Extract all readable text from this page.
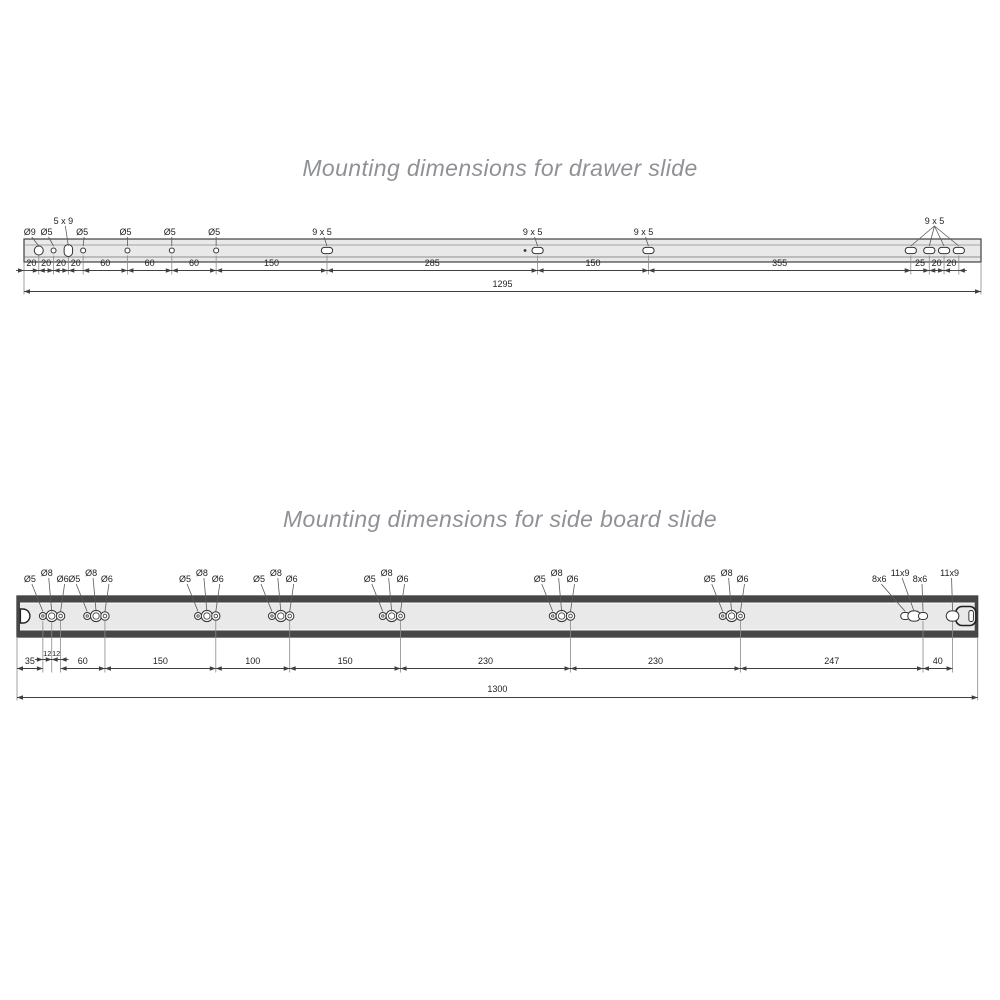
Mounting dimensions for drawer slide
Mounting dimensions for side board slide
20 20 20 20 60	60	60	150	285	150	355	25 20 20
1295
Ø9 Ø5
5 x 9
Ø5	Ø5	Ø5	Ø5	9 x 5	9 x 5	9 x 5
9 x 5
35	60	150	100	150	230	230	247	40
12 12
1300
Ø5
Ø8
Ø6 Ø5
Ø8
Ø6	Ø5
Ø8
Ø6	Ø5
Ø8
Ø6	Ø5
Ø8
Ø6	Ø5
Ø8
Ø6	Ø5
Ø8
Ø6	8x6
11x9
8x6
11x9
